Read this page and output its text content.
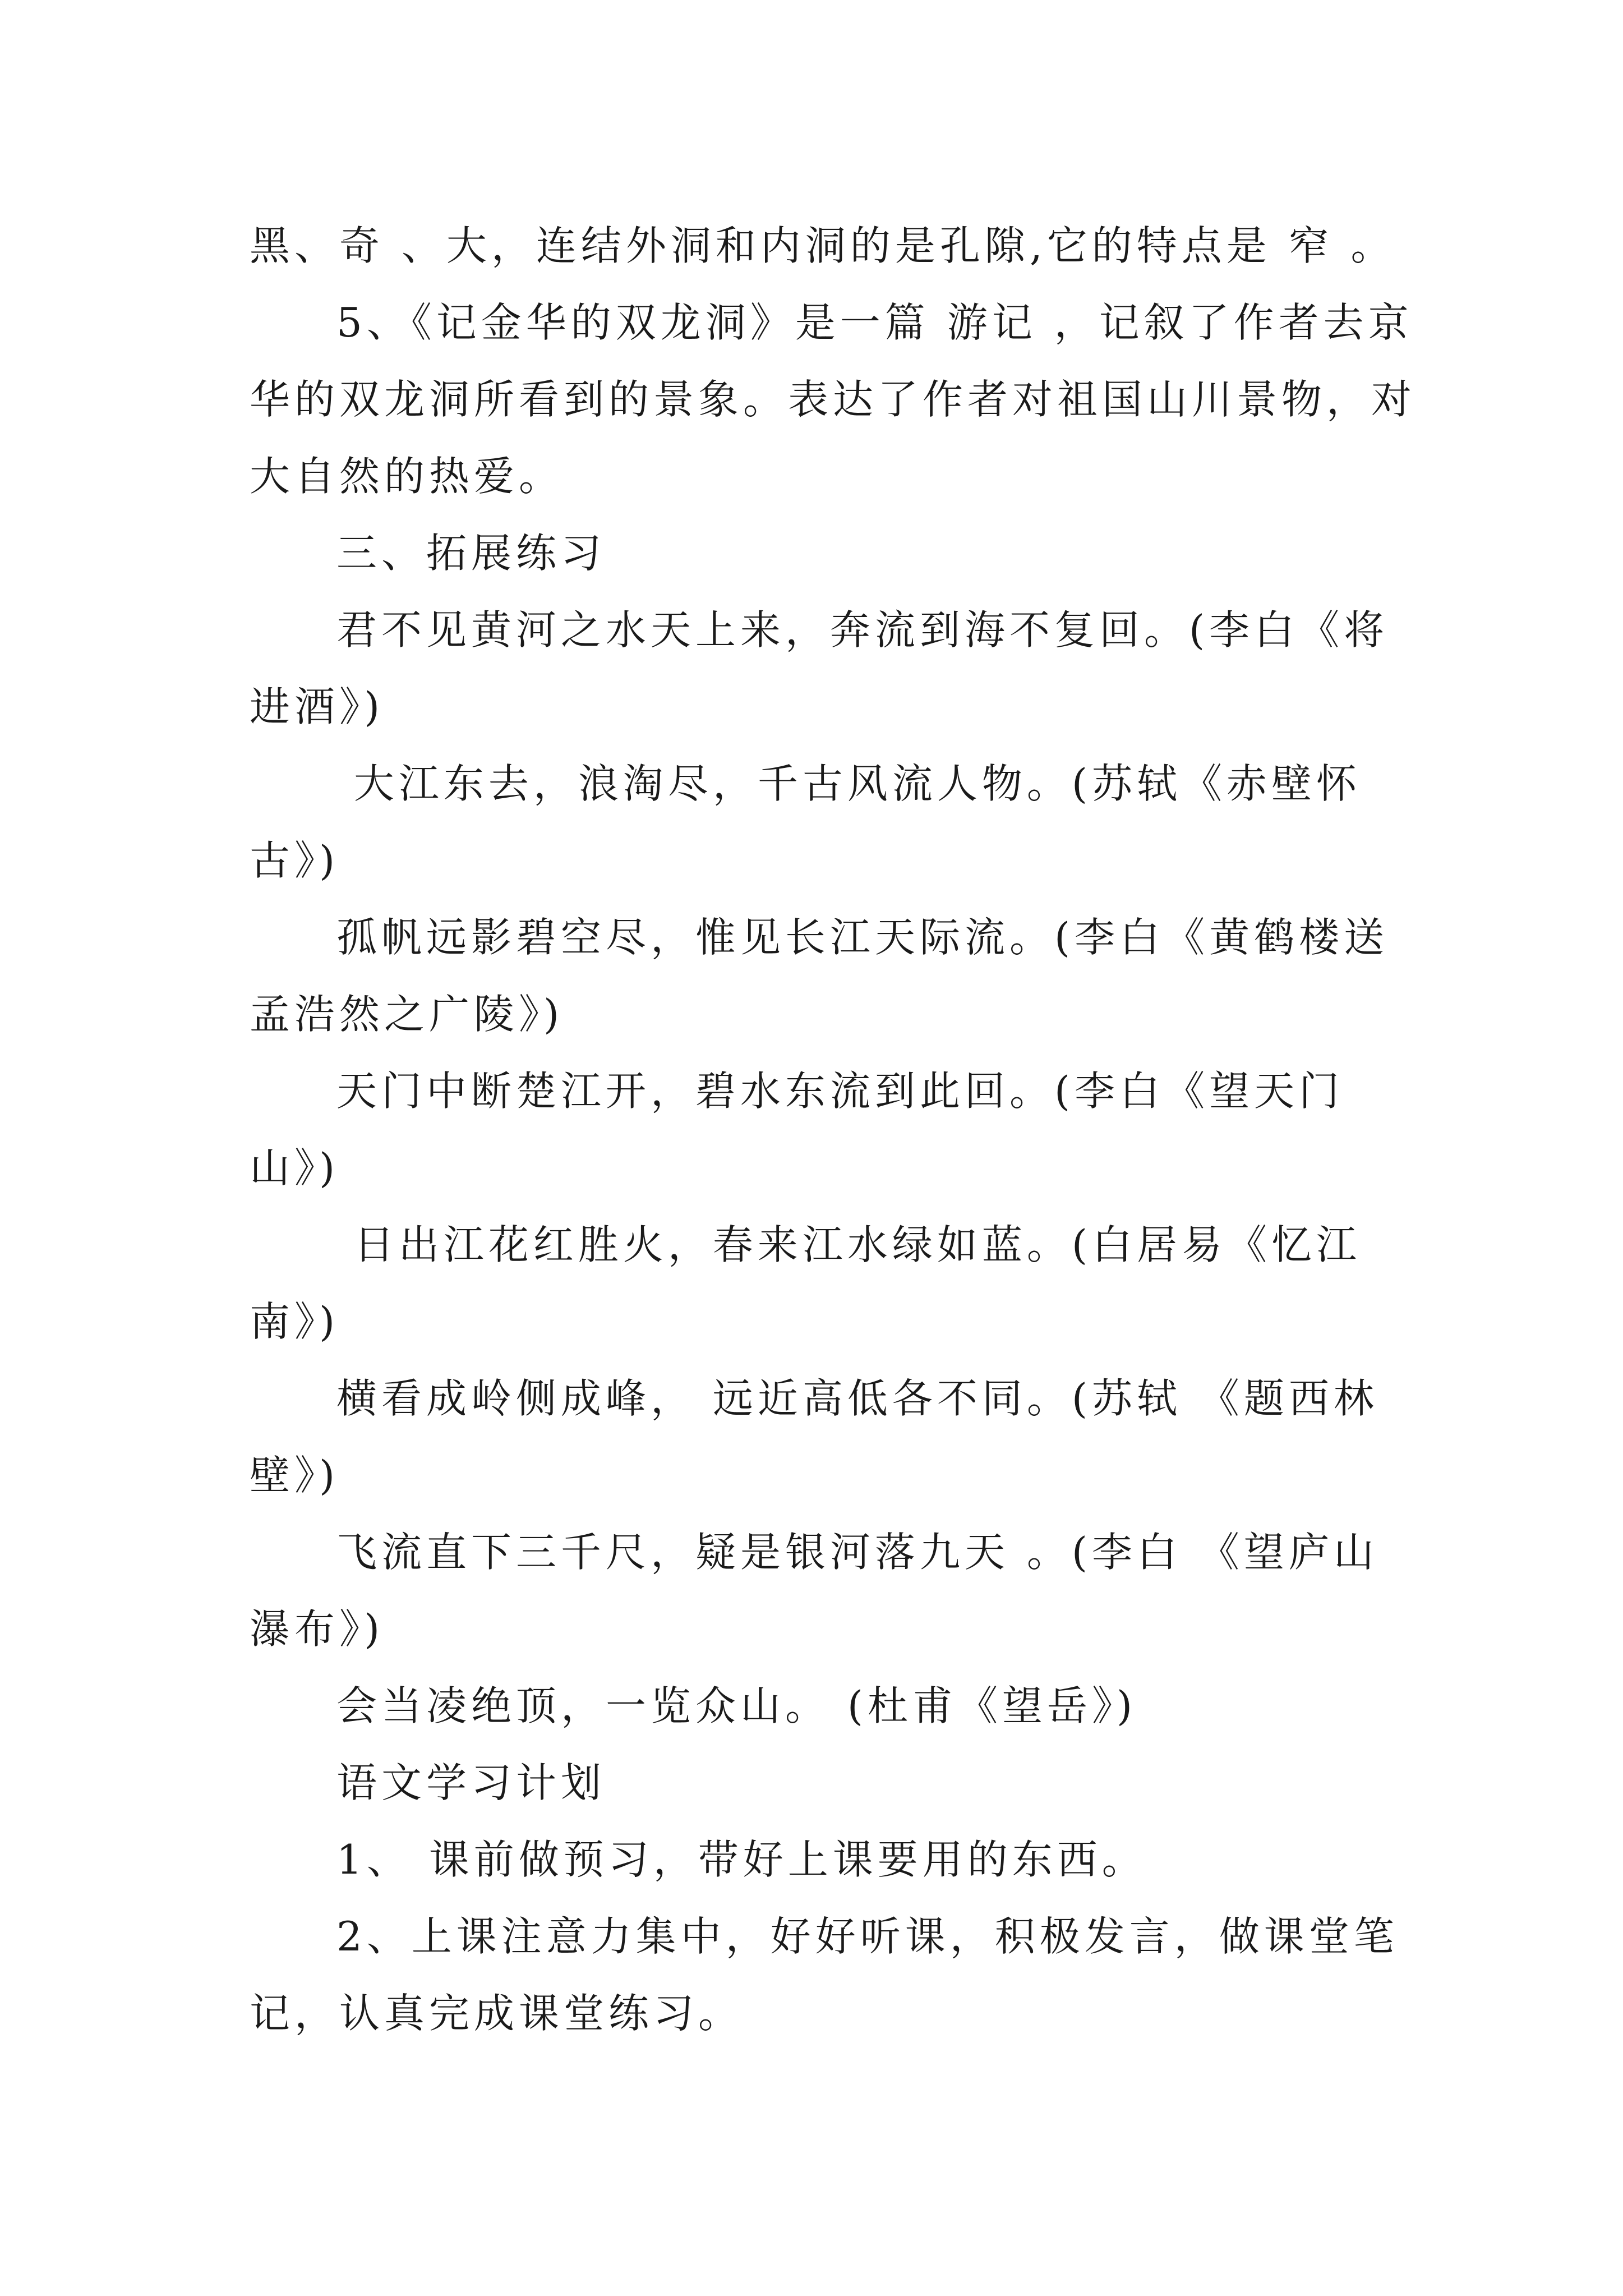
黑、奇 、大，连结外洞和内洞的是孔隙,它的特点是 窄 。

5、《记金华的双龙洞》是一篇 游记 ，记叙了作者去京
华的双龙洞所看到的景象。表达了作者对祖国山川景物，对
大自然的热爱。

三、拓展练习

君不见黄河之水天上来，奔流到海不复回。(李白《将
进酒》)

大江东去，浪淘尽，千古风流人物。(苏轼《赤壁怀
古》)

孤帆远影碧空尽，惟见长江天际流。(李白《黄鹤楼送
孟浩然之广陵》)

天门中断楚江开，碧水东流到此回。(李白《望天门
山》)

日出江花红胜火，春来江水绿如蓝。(白居易《忆江
南》)

横看成岭侧成峰， 远近高低各不同。(苏轼 《题西林
壁》)

飞流直下三千尺，疑是银河落九天 。(李白 《望庐山
瀑布》)

会当凌绝顶，一览众山。 (杜甫《望岳》)

语文学习计划

1、 课前做预习，带好上课要用的东西。

2、上课注意力集中，好好听课，积极发言，做课堂笔
记，认真完成课堂练习。
